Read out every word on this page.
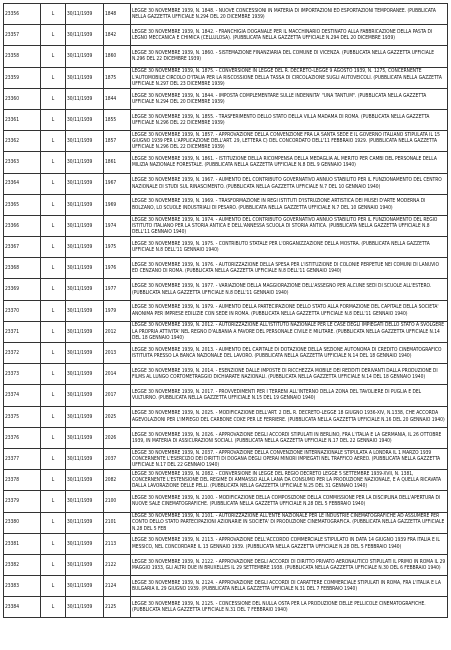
23356	L	30/11/1939	1848	LEGGE 30 NOVEMBRE 1939, N. 1848. - NUOVE CONCESSIONI IN MATERIA DI IMPORTAZIONI ED ESPORTAZIONI TEMPORANEE. (PUBBLICATA NELLA GAZZETTA UFFICIALE N.294 DEL 20 DICEMBRE 1939)
23357	L	30/11/1939	1842	LEGGE 30 NOVEMBRE 1939, N. 1842. - FRANCHIGIA DOGANALE PER IL MACCHINARIO DESTINATO ALLA FABBRICAZIONE DELLA PASTA DI LEGNO MECCANICA E CHIMICA (CELLULOSA). (PUBBLICATA NELLA GAZZETTA UFFICIALE N.294 DEL 20 DICEMBRE 1939)
23358	L	30/11/1939	1860	LEGGE 30 NOVEMBRE 1939, N. 1860. - SISTEMAZIONE FINANZIARIA DEL COMUNE DI VICENZA. (PUBBLICATA NELLA GAZZETTA UFFICIALE N.296 DEL 22 DICEMBRE 1939)
23359	L	30/11/1939	1875	LEGGE 30 NOVEMBRE 1939, N. 1875. - CONVERSIONE IN LEGGE DEL R. DECRETO-LEGGE 9 AGOSTO 1939, N. 1275, CONCERNENTE L'AUTOMOBILE CIRCOLO D'ITALIA PER LA RISCOSSIONE DELLA TASSA DI CIRCOLAZIONE SUGLI AUTOVEICOLI. (PUBBLICATA NELLA GAZZETTA UFFICIALE N.297 DEL 23 DICEMBRE 1939)
23360	L	30/11/1939	1844	LEGGE 30 NOVEMBRE 1939, N. 1844. - IMPOSTA COMPLEMENTARE SULLE INDENNITA' "UNA TANTUM". (PUBBLICATA NELLA GAZZETTA UFFICIALE N.294 DEL 20 DICEMBRE 1939)
23361	L	30/11/1939	1855	LEGGE 30 NOVEMBRE 1939, N. 1855. - TRASFERIMENTO DELLO STATO DELLA VILLA MADAMA DI ROMA. (PUBBLICATA NELLA GAZZETTA UFFICIALE N.296 DEL 22 DICEMBRE 1939)
23362	L	30/11/1939	1857	LEGGE 30 NOVEMBRE 1939, N. 1857. - APPROVAZIONE DELLA CONVENZIONE FRA LA SANTA SEDE E IL GOVERNO ITALIANO STIPULATA IL 15 GIUGNO 1939 PER L'APPLICAZIONE DELL'ART. 29, LETTERA C) DEL CONCORDATO DELL'11 FEBBRAIO 1929. (PUBBLICATA NELLA GAZZETTA UFFICIALE N.296 DEL 22 DICEMBRE 1939)
23363	L	30/11/1939	1861	LEGGE 30 NOVEMBRE 1939, N. 1861. - ISTITUZIONE DELLA RICOMPENSA DELLA MEDAGLIA AL MERITO PER CAMBI DEL PERSONALE DELLA MILIZIA NAZIONALE FORESTALE. (PUBBLICATA NELLA GAZZETTA UFFICIALE N.8 DEL 9 GENNAIO 1940)
23364	L	30/11/1939	1967	LEGGE 30 NOVEMBRE 1939, N. 1967. - AUMENTO DEL CONTRIBUTO GOVERNATIVO ANNUO STABILITO PER IL FUNZIONAMENTO DEL CENTRO NAZIONALE DI STUDI SUL RINASCIMENTO. (PUBBLICATA NELLA GAZZETTA UFFICIALE N.7 DEL 10 GENNAIO 1940)
23365	L	30/11/1939	1969	LEGGE 30 NOVEMBRE 1939, N. 1969. - TRASFORMAZIONE IN REGI ISTITUTI D'ISTRUZIONE ARTISTICA DEI MUSEI D'ARTE MODERNA DI BOLZANO, LO SCUOLE INDUSTRIALI DI PESARO. (PUBBLICATA NELLA GAZZETTA UFFICIALE N.7 DEL 10 GENNAIO 1940)
23366	L	30/11/1939	1974	LEGGE 30 NOVEMBRE 1939, N. 1974. - AUMENTO DEL CONTRIBUTO GOVERNATIVO ANNUO STABILITO PER IL FUNZIONAMENTO DEL REGIO ISTITUTO ITALIANO PER LA STORIA ANTICA E DELL'ANNESSA SCUOLA DI STORIA ANTICA. (PUBBLICATA NELLA GAZZETTA UFFICIALE N.8 DELL'11 GENNAIO 1940)
23367	L	30/11/1939	1975	LEGGE 30 NOVEMBRE 1939, N. 1975. - CONTRIBUTO STATALE PER L'ORGANIZZAZIONE DELLA MOSTRA. (PUBBLICATA NELLA GAZZETTA UFFICIALE N.8 DELL'11 GENNAIO 1940)
23368	L	30/11/1939	1976	LEGGE 30 NOVEMBRE 1939, N. 1976. - AUTORIZZAZIONE DELLA SPESA PER L'ISTITUZIONE DI COLONIE PERPETUE NEI COMUNI DI LANUVIO ED CENZANO DI ROMA. (PUBBLICATA NELLA GAZZETTA UFFICIALE N.8 DELL'11 GENNAIO 1940)
23369	L	30/11/1939	1977	LEGGE 30 NOVEMBRE 1939, N. 1977. - VARIAZIONE DELLA MAGGIORAZIONE DELL'ASSEGNO PER ALCUNE SEDI DI SCUOLE ALL'ESTERO. (PUBBLICATA NELLA GAZZETTA UFFICIALE N.8 DELL'11 GENNAIO 1940)
23370	L	30/11/1939	1979	LEGGE 30 NOVEMBRE 1939, N. 1979. - AUMENTO DELLA PARTECIPAZIONE DELLO STATO ALLA FORMAZIONE DEL CAPITALE DELLA SOCIETA' ANONIMA PER IMPRESE EDILIZIE CON SEDE IN ROMA. (PUBBLICATA NELLA GAZZETTA UFFICIALE N.8 DELL'11 GENNAIO 1940)
23371	L	30/11/1939	2012	LEGGE 30 NOVEMBRE 1939, N. 2012. - AUTORIZZAZIONE ALL'ISTITUTO NAZIONALE PER LE CASE DEGLI IMPIEGATI DELLO STATO A SVOLGERE LA PROPRIA ATTIVITA' NEL REGNO D'ALBANIA A FAVORE DEL PERSONALE CIVILE E MILITARE. (PUBBLICATA NELLA GAZZETTA UFFICIALE N.14 DEL 18 GENNAIO 1940)
23372	L	30/11/1939	2013	LEGGE 30 NOVEMBRE 1939, N. 2013. - AUMENTO DEL CAPITALE DI DOTAZIONE DELLA SEZIONE AUTONOMA DI CREDITO CINEMATOGRAFICO ISTITUITA PRESSO LA BANCA NAZIONALE DEL LAVORO. (PUBBLICATA NELLA GAZZETTA UFFICIALE N.14 DEL 18 GENNAIO 1940)
23373	L	30/11/1939	2014	LEGGE 30 NOVEMBRE 1939, N. 2014. - ESENZIONE DALLE IMPOSTE DI RICCHEZZA MOBILE DEI REDDITI DERIVANTI DALLA PRODUZIONE DI FILMS AL LUNGO CORTOMETRAGGIO DICHIARATE NAZIONALI. (PUBBLICATA NELLA GAZZETTA UFFICIALE N.14 DEL 18 GENNAIO 1940)
23374	L	30/11/1939	2017	LEGGE 30 NOVEMBRE 1939, N. 2017. - PROVVEDIMENTI PER I TERRENI ALL'INTERNO DELLA ZONA DEL TAVOLIERE DI PUGLIA E DEL VULTURNO. (PUBBLICATA NELLA GAZZETTA UFFICIALE N.15 DEL 19 GENNAIO 1940)
23375	L	30/11/1939	2025	LEGGE 30 NOVEMBRE 1939, N. 2025. - MODIFICAZIONE DELL'ART. 2 DEL R. DECRETO-LEGGE 18 GIUGNO 1936-XIV, N.1338, CHE ACCORDA AGEVOLAZIONI PER L'IMPIEGO DEL CARBONE COKE PER LE FERRIERE. (PUBBLICATA NELLA GAZZETTA UFFICIALE N.16 DEL 20 GENNAIO 1940)
23376	L	30/11/1939	2026	LEGGE 30 NOVEMBRE 1939, N. 2026. - APPROVAZIONE DEGLI ACCORDI STIPULATI IN BERLINO, FRA L'ITALIA E LA GERMANIA, IL 26 OTTOBRE 1939, IN MATERIA DI ASSICURAZIONI SOCIALI. (PUBBLICATA NELLA GAZZETTA UFFICIALE N.17 DEL 22 GENNAIO 1940)
23377	L	30/11/1939	2037	LEGGE 30 NOVEMBRE 1939, N. 2037. - APPROVAZIONE DELLA CONVENZIONE INTERNAZIONALE STIPULATA A LONDRA IL 1 MARZO 1939 CONCERNENTE L'ESERCIZIO DEI DIRITTI DI DOGANA DEGLI OPERAI MINORI IMPIEGATI NEL TRAFFICO AEREO. (PUBBLICATA NELLA GAZZETTA UFFICIALE N.17 DEL 22 GENNAIO 1940)
23378	L	30/11/1939	2082	LEGGE 30 NOVEMBRE 1939, N. 2082. - CONVERSIONE IN LEGGE DEL REGIO DECRETO LEGGE 5 SETTEMBRE 1939-XVII, N. 1381, CONCERNENTE L'ESTENSIONE DEL REGIME DI AMMASSO ALLA LANA DA CONSUMO PER LA PRODUZIONE NAZIONALE, E A QUELLA RICAVATA DALLA LAVORAZIONE DELLE PELLI. (PUBBLICATA NELLA GAZZETTA UFFICIALE N.25 DEL 31 GENNAIO 1940)
23379	L	30/11/1939	2100	LEGGE 30 NOVEMBRE 1939, N. 2100. - MODIFICAZIONE DELLA COMPOSIZIONE DELLA COMMISSIONE PER LA DISCIPLINA DELL'APERTURA DI NUOVE SALE CINEMATOGRAFICHE. (PUBBLICATA NELLA GAZZETTA UFFICIALE N.28 DEL 5 FEBBRAIO 1940)
23380	L	30/11/1939	2101	LEGGE 30 NOVEMBRE 1939, N. 2101. - AUTORIZZAZIONE ALL'ENTE NAZIONALE PER LE INDUSTRIE CINEMATOGRAFICHE AD ASSUMERE PER CONTO DELLO STATO PARTECIPAZIONI AZIONARIE IN SOCIETA' DI PRODUZIONE CINEMATOGRAFICA. (PUBBLICATA NELLA GAZZETTA UFFICIALE N.28 DEL 5 FEB
23381	L	30/11/1939	2113	LEGGE 30 NOVEMBRE 1939, N. 2113. - APPROVAZIONE DELL'ACCORDO COMMERCIALE STIPULATO IN DATA 14 GIUGNO 1939 FRA ITALIA E IL MESSICO, NEL CONCORDARE IL 13 GENNAIO 1939. (PUBBLICATA NELLA GAZZETTA UFFICIALE N.28 DEL 5 FEBBRAIO 1940)
23382	L	30/11/1939	2122	LEGGE 30 NOVEMBRE 1939, N. 2122. - APPROVAZIONE DEGLI ACCORDI DI DIRITTO PRIVATO AERONAUTICO STIPULATI IL PRIMO IN ROMA IL 29 MAGGIO 1933, GLI ALTRI DUE IN BRUXELLES IL 29 SETTEMBRE 1938. (PUBBLICATA NELLA GAZZETTA UFFICIALE N.30 DEL 6 FEBBRAIO 1940)
23383	L	30/11/1939	2124	LEGGE 30 NOVEMBRE 1939, N. 2124. - APPROVAZIONE DEGLI ACCORDI DI CARATTERE COMMERCIALE STIPULATI IN ROMA, FRA L'ITALIA E LA BULGARIA IL 29 GIUGNO 1939. (PUBBLICATA NELLA GAZZETTA UFFICIALE N.31 DEL 7 FEBBRAIO 1940)
23384	L	30/11/1939	2125	LEGGE 30 NOVEMBRE 1939, N. 2125. - CONCESSIONE DEL NULLA OSTA PER LA PRODUZIONE DELLE PELLICOLE CINEMATOGRAFICHE. (PUBBLICATA NELLA GAZZETTA UFFICIALE N.31 DEL 7 FEBBRAIO 1940)
